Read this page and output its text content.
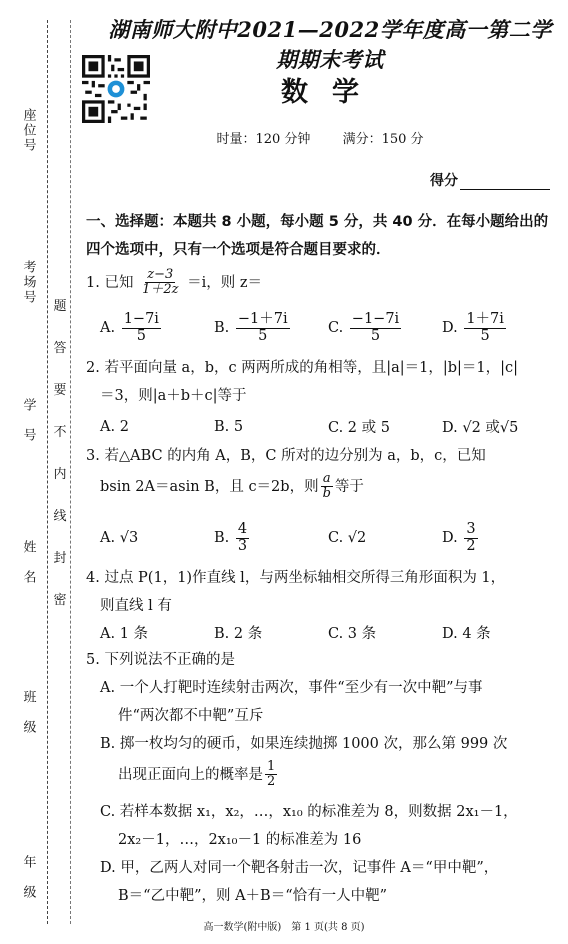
座位号
考场号
学　号
姓　名
班　级
年　级
题
答
要
不
内
线
封
密
湖南师大附中2021—2022学年度高一第二学期期末考试
数学
时量：120 分钟 满分：150 分
得分
一、选择题：本题共 8 小题，每小题 5 分，共 40 分．在每小题给出的四个选项中，只有一个选项是符合题目要求的．
1. 已知 $\frac{z-3}{1+2z} =i$，则 z＝
A.
$\frac{1-7i}{5}$	B.
$\frac{-1+7i}{5}$	C.
$\frac{-1-7i}{5}$	D.
$\frac{1+7i}{5}$
2. 若平面向量 a，b，c 两两所成的角相等，且|a|＝1，|b|＝1，|c|
＝3，则|a＋b＋c|等于
A. 2	B. 5	C. 2 或 5	D. √2 或√5
3. 若△ABC 的内角 A，B，C 所对的边分别为 a，b，c，已知
bsin 2A＝asin B，且 c＝2b，则 $\frac{a}{b}$ 等于
A.
√3	B.
$\frac{4}{3}$	C.
√2	D.
$\frac{3}{2}$
4. 过点 P(1，1)作直线 l，与两坐标轴相交所得三角形面积为 1，
则直线 l 有
A. 1 条	B. 2 条	C. 3 条	D. 4 条
5. 下列说法不正确的是
A. 一个人打靶时连续射击两次，事件“至少有一次中靶”与事
件“两次都不中靶”互斥
B. 掷一枚均匀的硬币，如果连续抛掷 1000 次，那么第 999 次
出现正面向上的概率是 $\frac{1}{2}$
C. 若样本数据 x₁，x₂，…，x₁₀ 的标准差为 8，则数据 2x₁－1，
2x₂－1，…，2x₁₀－1 的标准差为 16
D. 甲，乙两人对同一个靶各射击一次，记事件 A＝“甲中靶”，
B＝“乙中靶”，则 A＋B＝“恰有一人中靶”
高一数学(附中版)　第 1 页(共 8 页)
